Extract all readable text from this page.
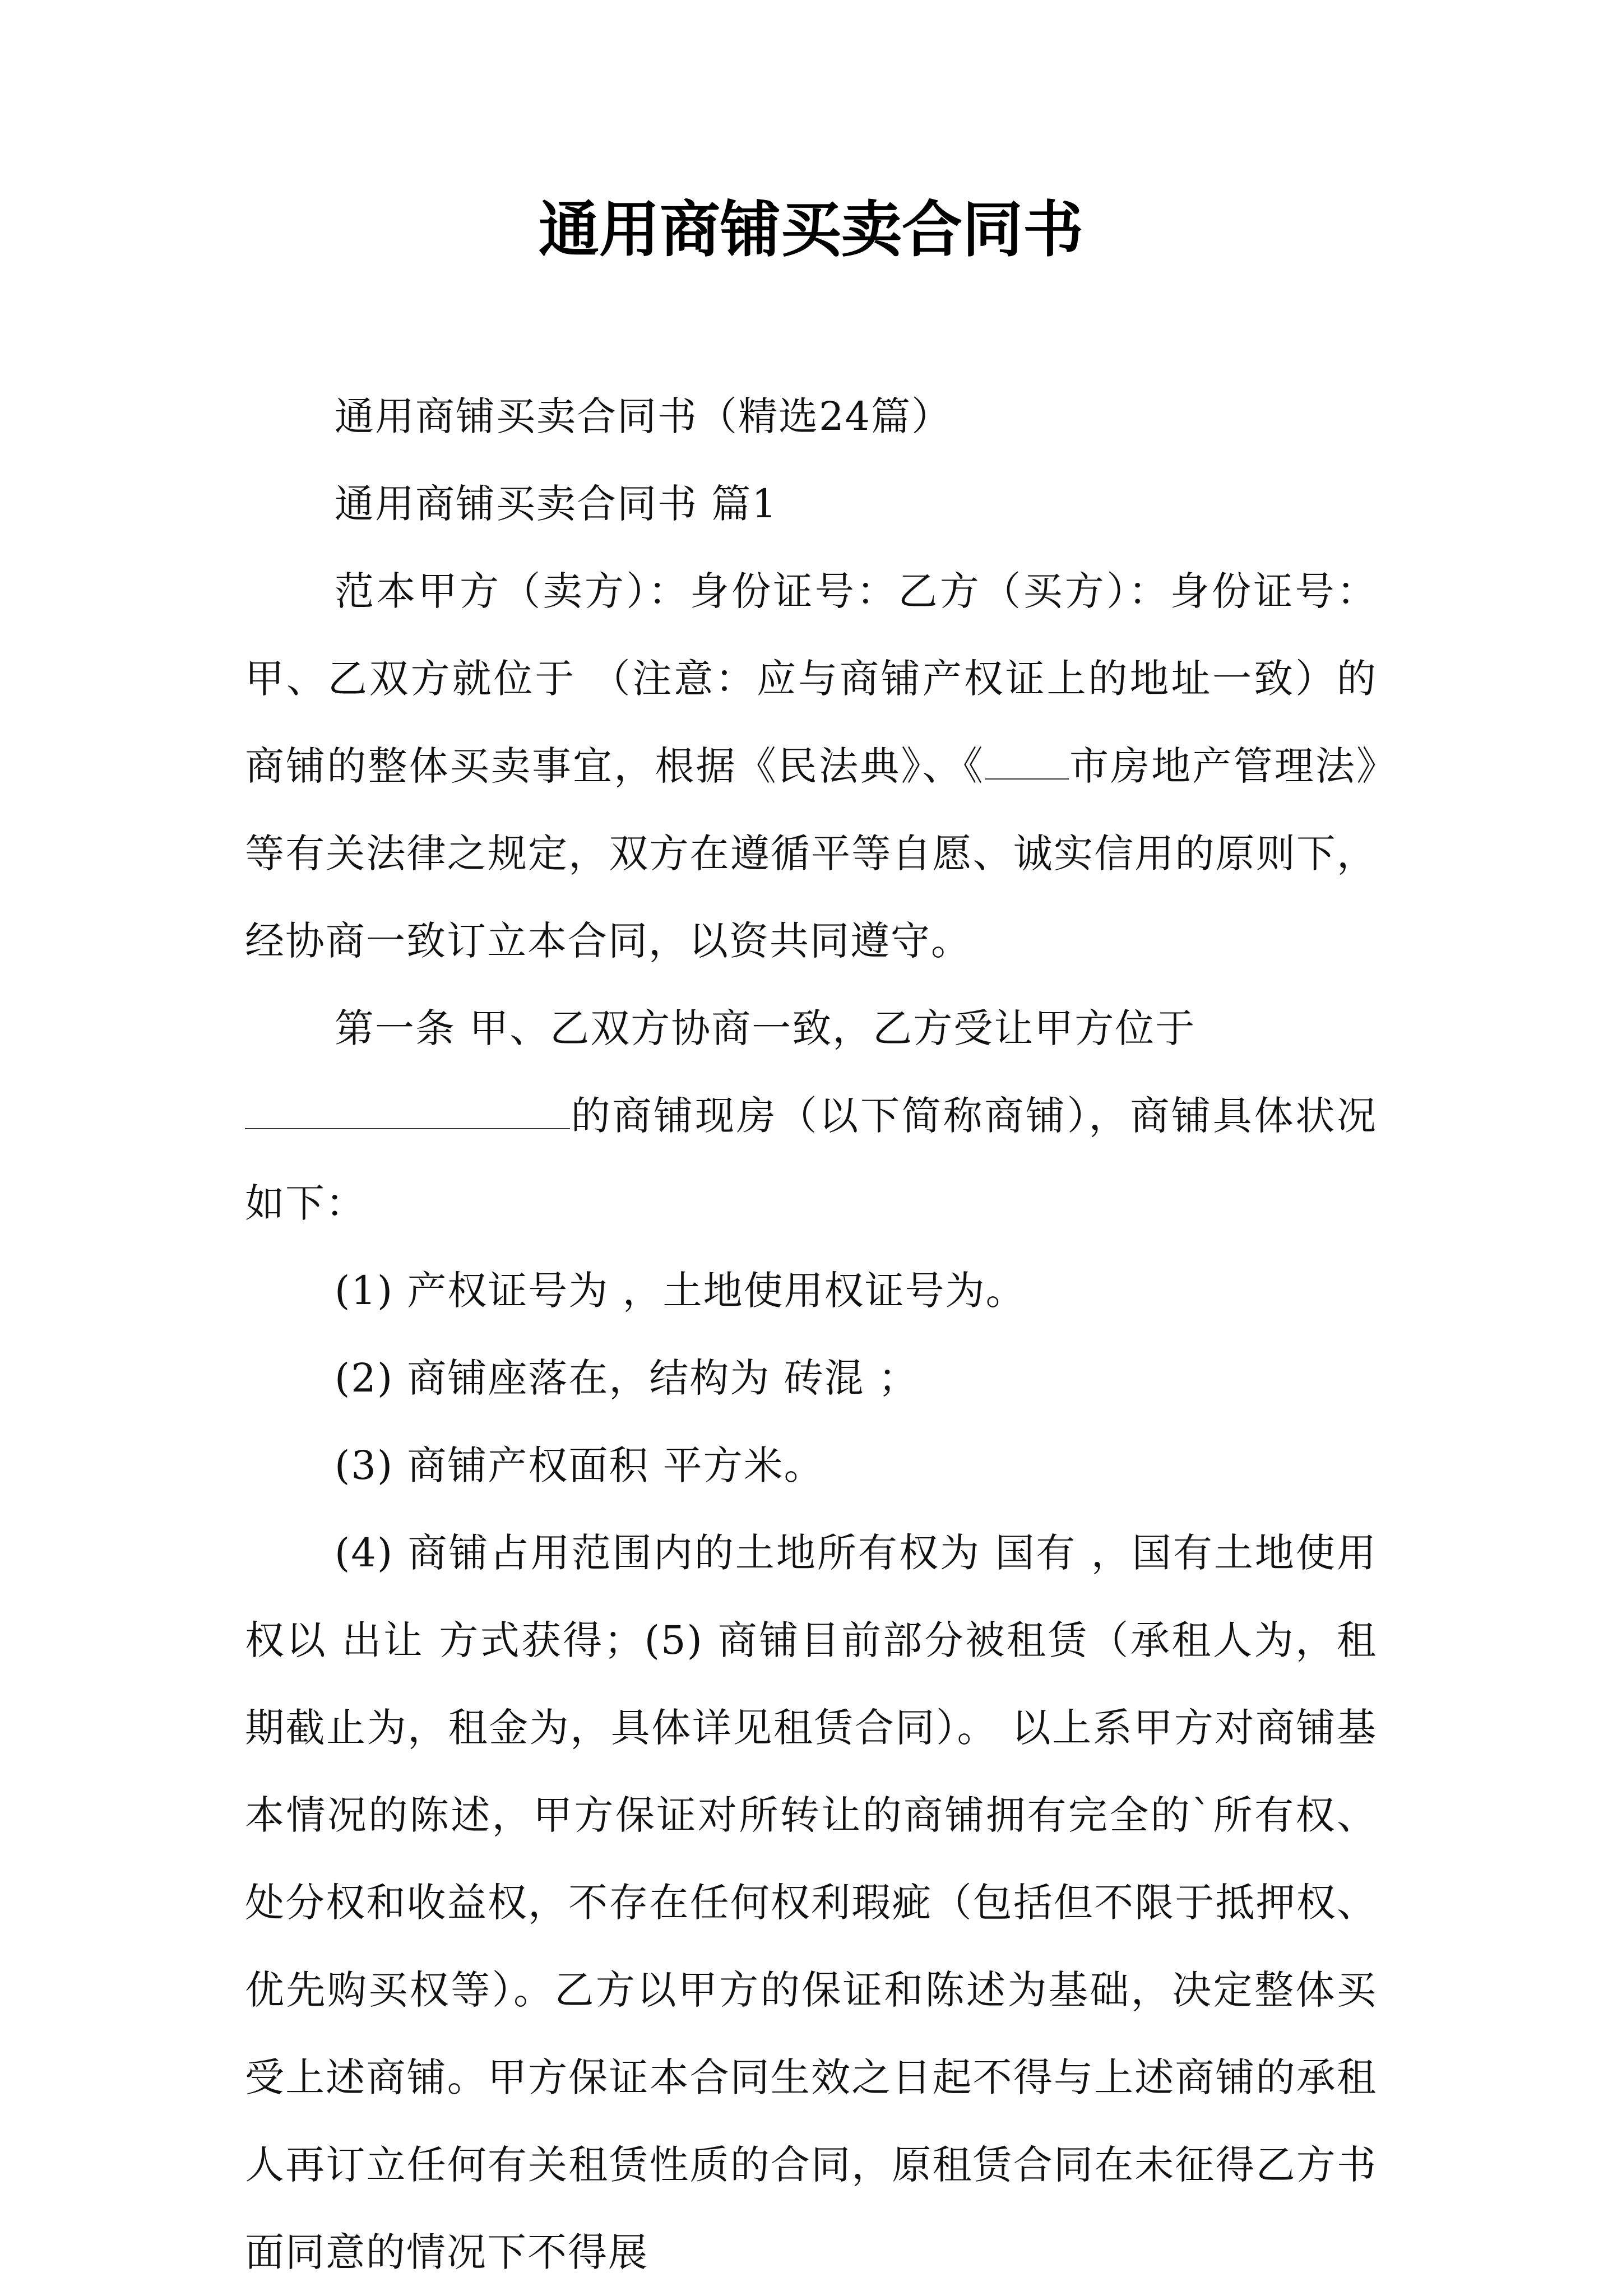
通用商铺买卖合同书

通用商铺买卖合同书（精选24篇）

通用商铺买卖合同书 篇1

范本甲方（卖方）：身份证号：乙方（买方）：身份证号：甲、乙双方就位于 （注意：应与商铺产权证上的地址一致）的商铺的整体买卖事宜，根据《民法典》、《 市房地产管理法》等有关法律之规定，双方在遵循平等自愿、诚实信用的原则下，经协商一致订立本合同，以资共同遵守。

第一条 甲、乙双方协商一致，乙方受让甲方位于
的商铺现房（以下简称商铺），商铺具体状况如下：

(1) 产权证号为 ，土地使用权证号为。

(2) 商铺座落在，结构为 砖混 ；

(3) 商铺产权面积 平方米。

(4) 商铺占用范围内的土地所有权为 国有 ，国有土地使用权以 出让 方式获得；(5) 商铺目前部分被租赁（承租人为，租期截止为，租金为，具体详见租赁合同）。 以上系甲方对商铺基本情况的陈述，甲方保证对所转让的商铺拥有完全的`所有权、处分权和收益权，不存在任何权利瑕疵（包括但不限于抵押权、优先购买权等）。乙方以甲方的保证和陈述为基础，决定整体买受上述商铺。甲方保证本合同生效之日起不得与上述商铺的承租人再订立任何有关租赁性质的合同，原租赁合同在未征得乙方书面同意的情况下不得展
